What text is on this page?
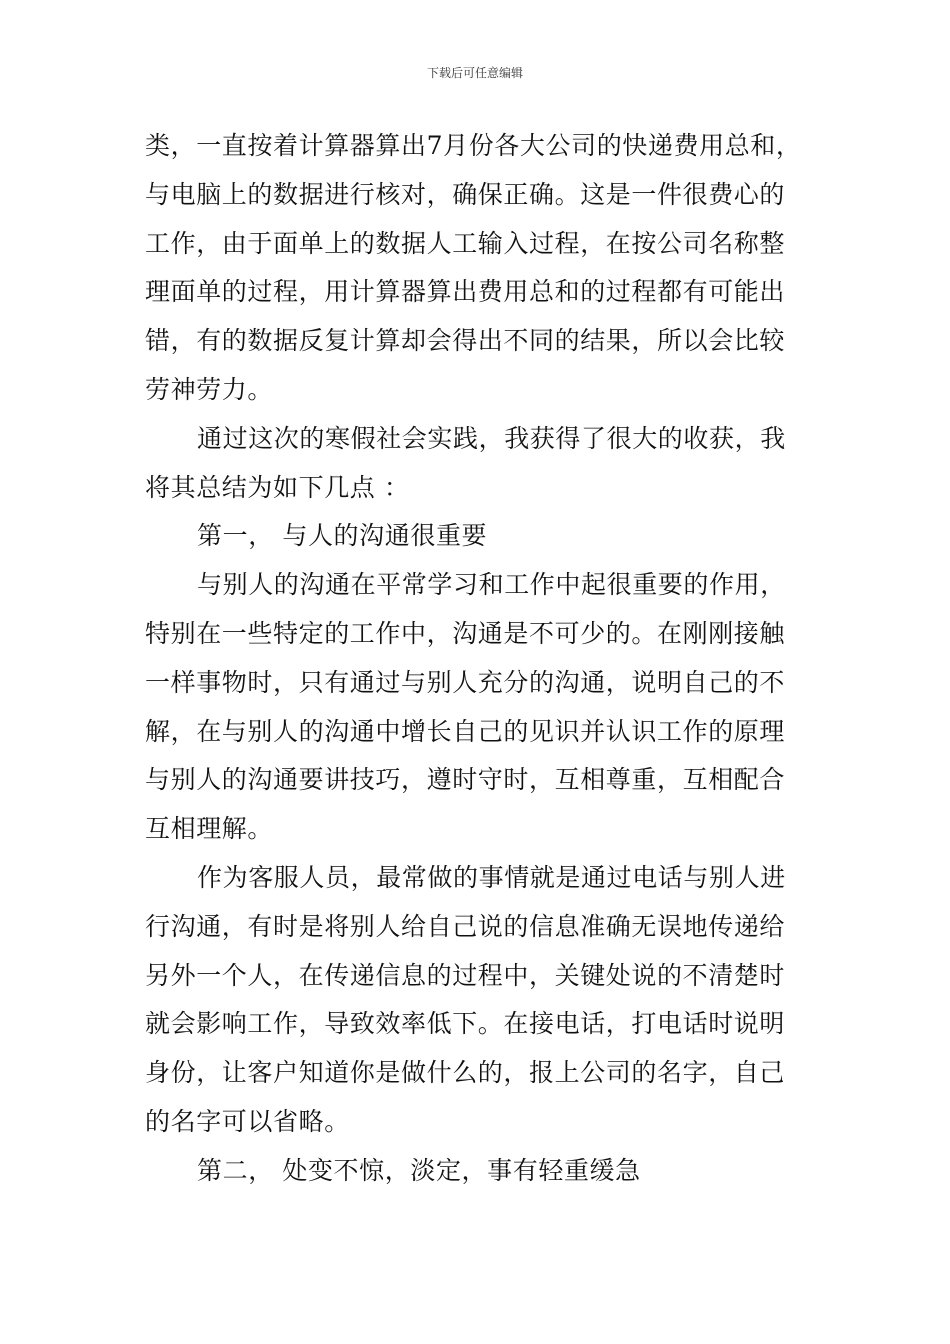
下载后可任意编辑
类，一直按着计算器算出7月份各大公司的快递费用总和，
与电脑上的数据进行核对，确保正确。这是一件很费心的
工作，由于面单上的数据人工输入过程，在按公司名称整
理面单的过程，用计算器算出费用总和的过程都有可能出
错，有的数据反复计算却会得出不同的结果，所以会比较
劳神劳力。
通过这次的寒假社会实践，我获得了很大的收获，我
将其总结为如下几点 ：
第一， 与人的沟通很重要
与别人的沟通在平常学习和工作中起很重要的作用，
特别在一些特定的工作中，沟通是不可少的。在刚刚接触
一样事物时，只有通过与别人充分的沟通，说明自己的不
解，在与别人的沟通中增长自己的见识并认识工作的原理
与别人的沟通要讲技巧，遵时守时，互相尊重，互相配合
互相理解。
作为客服人员，最常做的事情就是通过电话与别人进
行沟通，有时是将别人给自己说的信息准确无误地传递给
另外一个人，在传递信息的过程中，关键处说的不清楚时
就会影响工作，导致效率低下。在接电话，打电话时说明
身份，让客户知道你是做什么的，报上公司的名字，自己
的名字可以省略。
第二， 处变不惊，淡定，事有轻重缓急
